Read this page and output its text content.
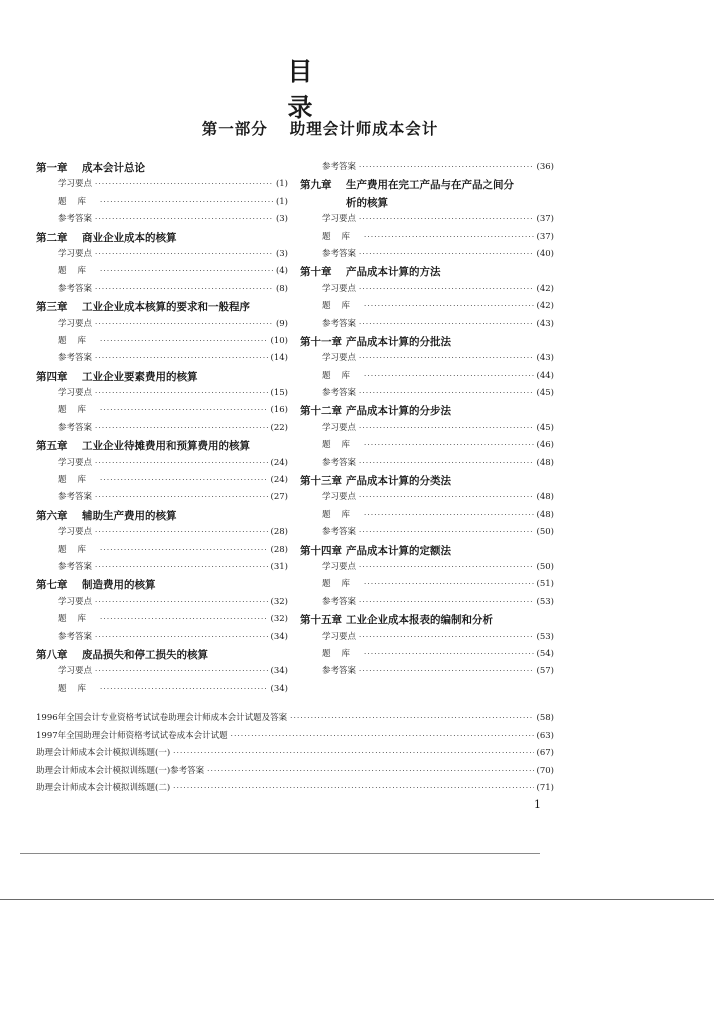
目　　录
第一部分 助理会计师成本会计
第一章	成本会计总论
学习要点 ·····	(1)
题库 ·····	(1)
参考答案 ·····	(3)
第二章	商业企业成本的核算
学习要点 ·····	(3)
题库 ·····	(4)
参考答案 ·····	(8)
第三章	工业企业成本核算的要求和一般程序
学习要点 ·····	(9)
题库 ·····	(10)
参考答案 ·····	(14)
第四章	工业企业要素费用的核算
学习要点 ·····	(15)
题库 ·····	(16)
参考答案 ·····	(22)
第五章	工业企业待摊费用和预算费用的核算
学习要点 ·····	(24)
题库 ·····	(24)
参考答案 ·····	(27)
第六章	辅助生产费用的核算
学习要点 ·····	(28)
题库 ·····	(28)
参考答案 ·····	(31)
第七章	制造费用的核算
学习要点 ·····	(32)
题库 ·····	(32)
参考答案 ·····	(34)
第八章	废品损失和停工损失的核算
学习要点 ·····	(34)
题库 ·····	(34)
参考答案 ·····	(36)
第九章	生产费用在完工产品与在产品之间分
析的核算
学习要点 ·····	(37)
题库 ·····	(37)
参考答案 ·····	(40)
第十章	产品成本计算的方法
学习要点 ·····	(42)
题库 ·····	(42)
参考答案 ·····	(43)
第十一章 产品成本计算的分批法
学习要点 ·····	(43)
题库 ·····	(44)
参考答案 ·····	(45)
第十二章 产品成本计算的分步法
学习要点 ·····	(45)
题库 ·····	(46)
参考答案 ·····	(48)
第十三章 产品成本计算的分类法
学习要点 ·····	(48)
题库 ·····	(48)
参考答案 ·····	(50)
第十四章 产品成本计算的定额法
学习要点 ·····	(50)
题库 ·····	(51)
参考答案 ·····	(53)
第十五章 工业企业成本报表的编制和分析
学习要点 ·····	(53)
题库 ·····	(54)
参考答案 ·····	(57)
1996年全国会计专业资格考试试卷助理会计师成本会计试题及答案 ·····	(58)
1997年全国助理会计师资格考试试卷成本会计试题 ·····	(63)
助理会计师成本会计模拟训练题(一) ·····	(67)
助理会计师成本会计模拟训练题(一)参考答案 ·····	(70)
助理会计师成本会计模拟训练题(二) ·····	(71)
1
